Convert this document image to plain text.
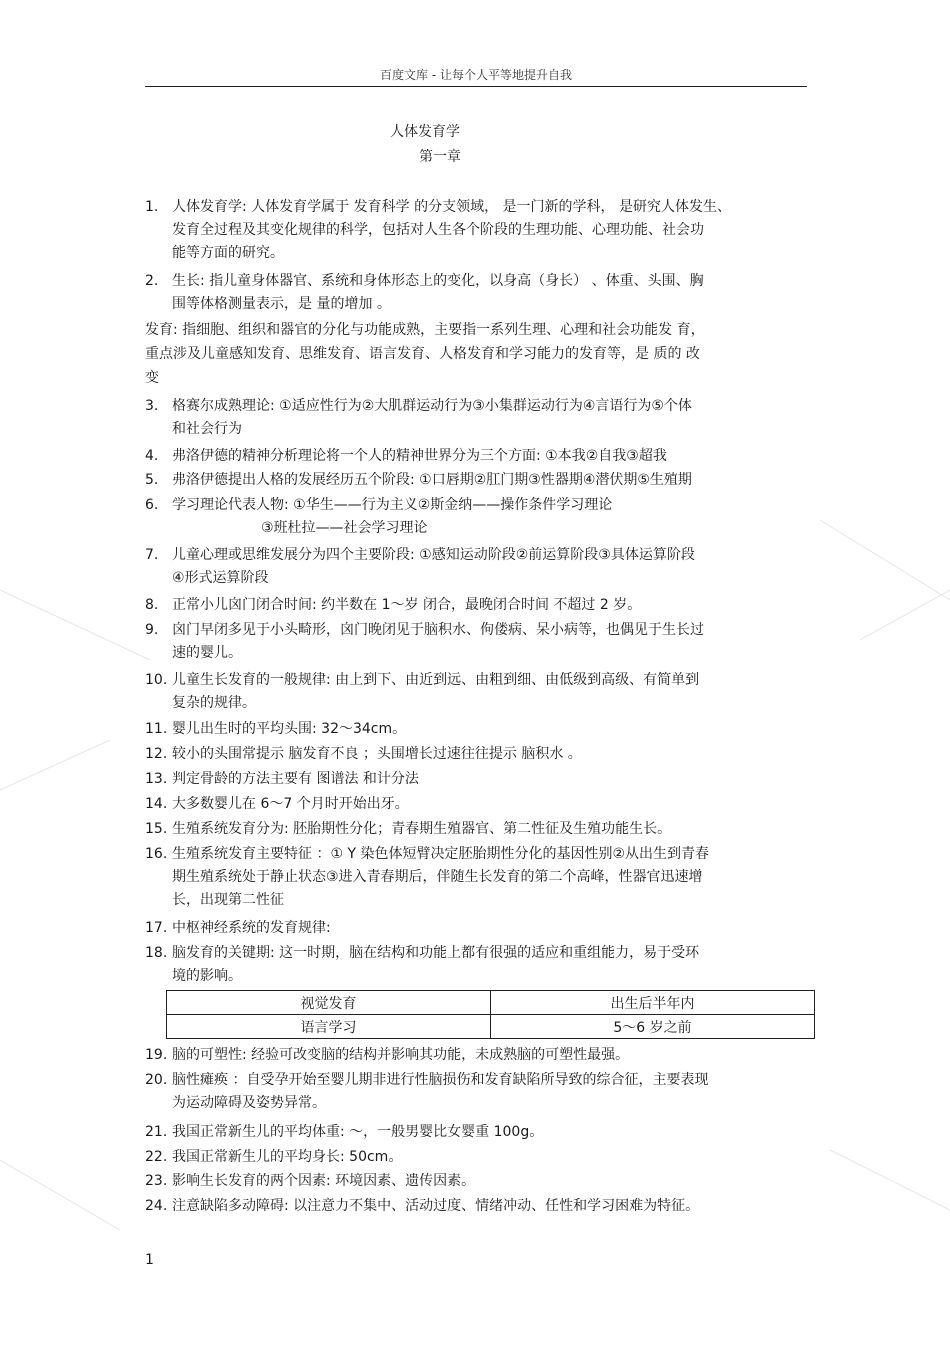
百度文库 - 让每个人平等地提升自我
人体发育学
第一章
1. 人体发育学: 人体发育学属于 发育科学 的分支领域， 是一门新的学科， 是研究人体发生、
发育全过程及其变化规律的科学，包括对人生各个阶段的生理功能、心理功能、社会功
能等方面的研究。
2. 生长: 指儿童身体器官、系统和身体形态上的变化，以身高（身长） 、体重、头围、胸
围等体格测量表示，是 量的增加 。
发育: 指细胞、组织和器官的分化与功能成熟，主要指一系列生理、心理和社会功能发 育，
重点涉及儿童感知发育、思维发育、语言发育、人格发育和学习能力的发育等，是 质的 改
变
3. 格赛尔成熟理论: ①适应性行为②大肌群运动行为③小集群运动行为④言语行为⑤个体
和社会行为
4. 弗洛伊德的精神分析理论将一个人的精神世界分为三个方面: ①本我②自我③超我
5. 弗洛伊德提出人格的发展经历五个阶段: ①口唇期②肛门期③性器期④潜伏期⑤生殖期
6. 学习理论代表人物: ①华生——行为主义②斯金纳——操作条件学习理论
③班杜拉——社会学习理论
7. 儿童心理或思维发展分为四个主要阶段: ①感知运动阶段②前运算阶段③具体运算阶段
④形式运算阶段
8. 正常小儿囟门闭合时间: 约半数在 1～岁 闭合，最晚闭合时间 不超过 2 岁。
9. 囟门早闭多见于小头畸形，囟门晚闭见于脑积水、佝偻病、呆小病等，也偶见于生长过
速的婴儿。
10. 儿童生长发育的一般规律: 由上到下、由近到远、由粗到细、由低级到高级、有简单到
复杂的规律。
11. 婴儿出生时的平均头围: 32～34cm。
12. 较小的头围常提示 脑发育不良 ；头围增长过速往往提示 脑积水 。
13. 判定骨龄的方法主要有 图谱法 和计分法
14. 大多数婴儿在 6～7 个月时开始出牙。
15. 生殖系统发育分为: 胚胎期性分化；青春期生殖器官、第二性征及生殖功能生长。
16. 生殖系统发育主要特征 ：① Y 染色体短臂决定胚胎期性分化的基因性别②从出生到青春
期生殖系统处于静止状态③进入青春期后，伴随生长发育的第二个高峰，性器官迅速增
长，出现第二性征
17. 中枢神经系统的发育规律:
18. 脑发育的关键期: 这一时期，脑在结构和功能上都有很强的适应和重组能力，易于受环
境的影响。
视觉发育	出生后半年内
语言学习	5～6 岁之前
19. 脑的可塑性: 经验可改变脑的结构并影响其功能，未成熟脑的可塑性最强。
20. 脑性瘫痪 ：自受孕开始至婴儿期非进行性脑损伤和发育缺陷所导致的综合征，主要表现
为运动障碍及姿势异常。
21. 我国正常新生儿的平均体重: ～，一般男婴比女婴重 100g。
22. 我国正常新生儿的平均身长: 50cm。
23. 影响生长发育的两个因素: 环境因素、遗传因素。
24. 注意缺陷多动障碍: 以注意力不集中、活动过度、情绪冲动、任性和学习困难为特征。
1
